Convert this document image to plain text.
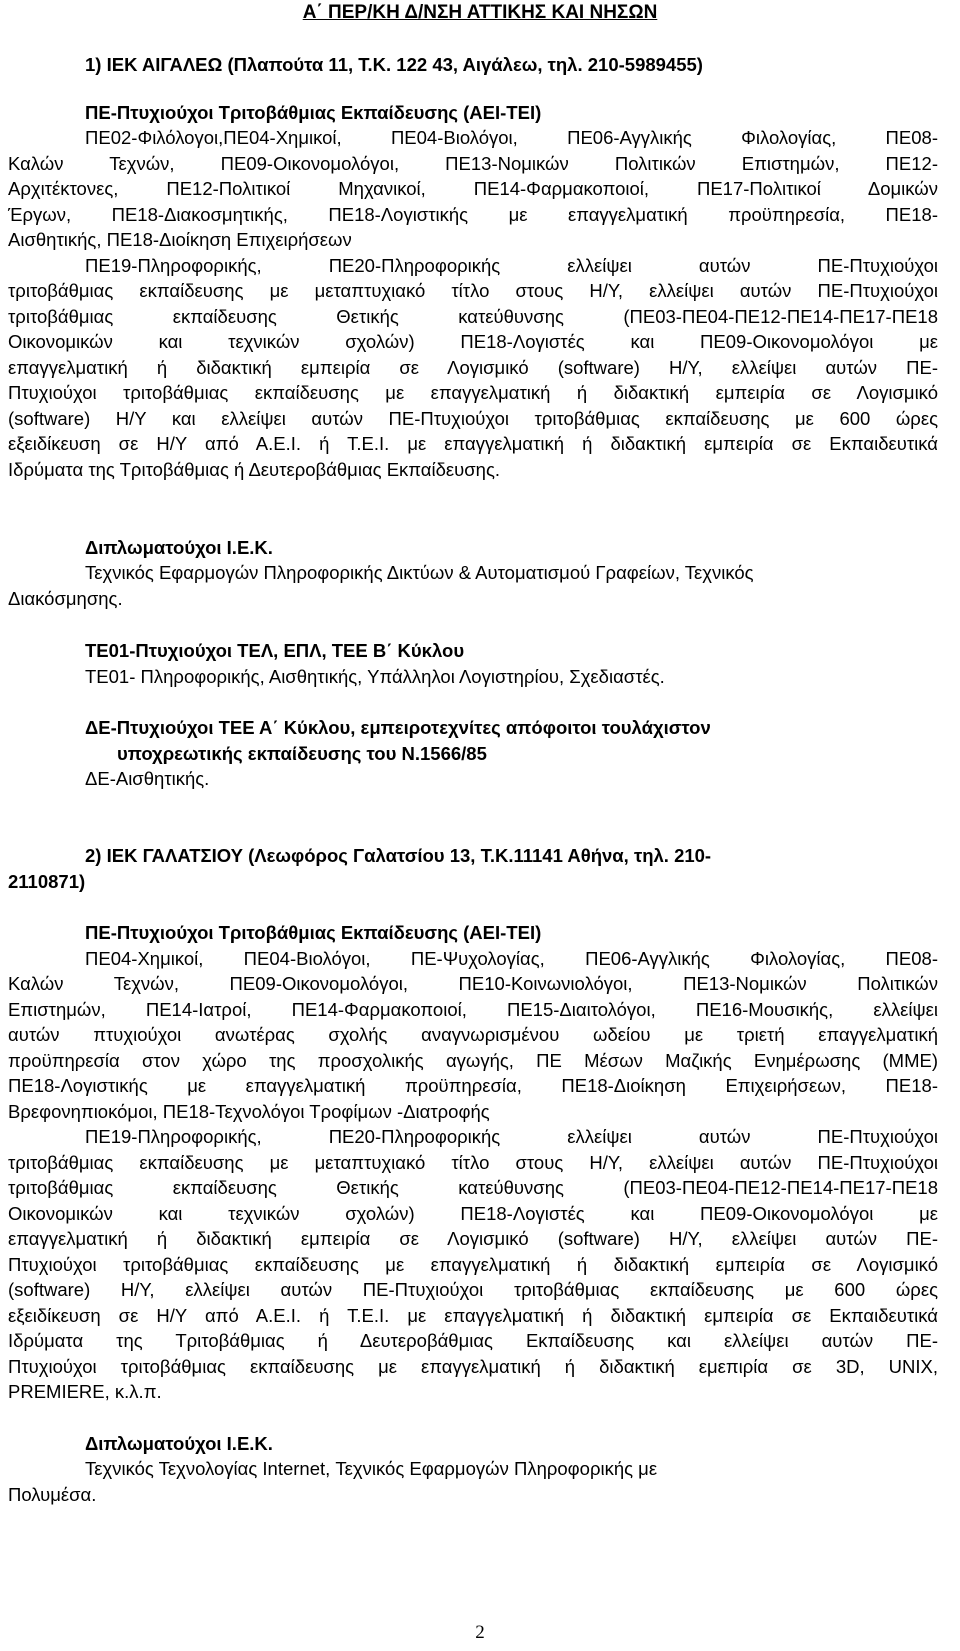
Α΄ ΠΕΡ/ΚΗ Δ/ΝΣΗ ΑΤΤΙΚΗΣ ΚΑΙ ΝΗΣΩΝ

1) ΙΕΚ ΑΙΓΑΛΕΩ (Πλαπούτα 11, Τ.Κ. 122 43, Αιγάλεω, τηλ. 210-5989455)

ΠΕ-Πτυχιούχοι Τριτοβάθμιας Εκπαίδευσης (ΑΕΙ-ΤΕΙ)

ΠΕ02-Φιλόλογοι,ΠΕ04-Χημικοί, ΠΕ04-Βιολόγοι, ΠΕ06-Αγγλικής Φιλολογίας, ΠΕ08-

Καλών Τεχνών, ΠΕ09-Οικονομολόγοι, ΠΕ13-Νομικών Πολιτικών Επιστημών, ΠΕ12-

Αρχιτέκτονες, ΠΕ12-Πολιτικοί Μηχανικοί, ΠΕ14-Φαρμακοποιοί, ΠΕ17-Πολιτικοί Δομικών

Έργων, ΠΕ18-Διακοσμητικής, ΠΕ18-Λογιστικής με επαγγελματική προϋπηρεσία, ΠΕ18-

Αισθητικής, ΠΕ18-Διοίκηση Επιχειρήσεων

ΠΕ19-Πληροφορικής, ΠΕ20-Πληροφορικής ελλείψει αυτών ΠΕ-Πτυχιούχοι

τριτοβάθμιας εκπαίδευσης με μεταπτυχιακό τίτλο στους Η/Υ, ελλείψει αυτών ΠΕ-Πτυχιούχοι

τριτοβάθμιας εκπαίδευσης Θετικής κατεύθυνσης (ΠΕ03-ΠΕ04-ΠΕ12-ΠΕ14-ΠΕ17-ΠΕ18

Οικονομικών και τεχνικών σχολών) ΠΕ18-Λογιστές και ΠΕ09-Οικονομολόγοι με

επαγγελματική ή διδακτική εμπειρία σε Λογισμικό (software) Η/Υ, ελλείψει αυτών ΠΕ-

Πτυχιούχοι τριτοβάθμιας εκπαίδευσης με επαγγελματική ή διδακτική εμπειρία σε Λογισμικό

(software) Η/Υ και ελλείψει αυτών ΠΕ-Πτυχιούχοι τριτοβάθμιας εκπαίδευσης με 600 ώρες

εξειδίκευση σε Η/Υ από Α.Ε.Ι. ή Τ.Ε.Ι. με επαγγελματική ή διδακτική εμπειρία σε Εκπαιδευτικά

Ιδρύματα της Τριτοβάθμιας ή Δευτεροβάθμιας Εκπαίδευσης.

Διπλωματούχοι Ι.Ε.Κ.

Τεχνικός Εφαρμογών Πληροφορικής Δικτύων & Αυτοματισμού Γραφείων, Τεχνικός

Διακόσμησης.

ΤΕ01-Πτυχιούχοι ΤΕΛ, ΕΠΛ, ΤΕΕ Β΄ Κύκλου

ΤΕ01- Πληροφορικής, Αισθητικής, Υπάλληλοι Λογιστηρίου, Σχεδιαστές.

ΔΕ-Πτυχιούχοι ΤΕΕ Α΄ Κύκλου, εμπειροτεχνίτες απόφοιτοι τουλάχιστον

υποχρεωτικής εκπαίδευσης του Ν.1566/85

ΔΕ-Αισθητικής.

2) ΙΕΚ ΓΑΛΑΤΣΙΟΥ (Λεωφόρος Γαλατσίου 13, Τ.Κ.11141 Αθήνα, τηλ. 210-

2110871)

ΠΕ-Πτυχιούχοι Τριτοβάθμιας Εκπαίδευσης (ΑΕΙ-ΤΕΙ)

ΠΕ04-Χημικοί, ΠΕ04-Βιολόγοι, ΠΕ-Ψυχολογίας, ΠΕ06-Αγγλικής Φιλολογίας, ΠΕ08-

Καλών Τεχνών, ΠΕ09-Οικονομολόγοι, ΠΕ10-Κοινωνιολόγοι, ΠΕ13-Νομικών Πολιτικών

Επιστημών, ΠΕ14-Ιατροί, ΠΕ14-Φαρμακοποιοί, ΠΕ15-Διαιτολόγοι, ΠΕ16-Μουσικής, ελλείψει

αυτών πτυχιούχοι ανωτέρας σχολής αναγνωρισμένου ωδείου με τριετή επαγγελματική

προϋπηρεσία στον χώρο της προσχολικής αγωγής, ΠΕ Μέσων Μαζικής Ενημέρωσης (ΜΜΕ)

ΠΕ18-Λογιστικής με επαγγελματική προϋπηρεσία, ΠΕ18-Διοίκηση Επιχειρήσεων, ΠΕ18-

Βρεφονηπιοκόμοι, ΠΕ18-Τεχνολόγοι Τροφίμων -Διατροφής

ΠΕ19-Πληροφορικής, ΠΕ20-Πληροφορικής ελλείψει αυτών ΠΕ-Πτυχιούχοι

τριτοβάθμιας εκπαίδευσης με μεταπτυχιακό τίτλο στους Η/Υ, ελλείψει αυτών ΠΕ-Πτυχιούχοι

τριτοβάθμιας εκπαίδευσης Θετικής κατεύθυνσης (ΠΕ03-ΠΕ04-ΠΕ12-ΠΕ14-ΠΕ17-ΠΕ18

Οικονομικών και τεχνικών σχολών) ΠΕ18-Λογιστές και ΠΕ09-Οικονομολόγοι με

επαγγελματική ή διδακτική εμπειρία σε Λογισμικό (software) Η/Υ, ελλείψει αυτών ΠΕ-

Πτυχιούχοι τριτοβάθμιας εκπαίδευσης με επαγγελματική ή διδακτική εμπειρία σε Λογισμικό

(software) Η/Υ, ελλείψει αυτών ΠΕ-Πτυχιούχοι τριτοβάθμιας εκπαίδευσης με 600 ώρες

εξειδίκευση σε Η/Υ από Α.Ε.Ι. ή Τ.Ε.Ι. με επαγγελματική ή διδακτική εμπειρία σε Εκπαιδευτικά

Ιδρύματα της Τριτοβάθμιας ή Δευτεροβάθμιας Εκπαίδευσης και ελλείψει αυτών ΠΕ-

Πτυχιούχοι τριτοβάθμιας εκπαίδευσης με επαγγελματική ή διδακτική εμεπιρία σε 3D, UNIX,

PREMIERE, κ.λ.π.

Διπλωματούχοι Ι.Ε.Κ.

Τεχνικός Τεχνολογίας Internet, Τεχνικός Εφαρμογών Πληροφορικής με

Πολυμέσα.

2
